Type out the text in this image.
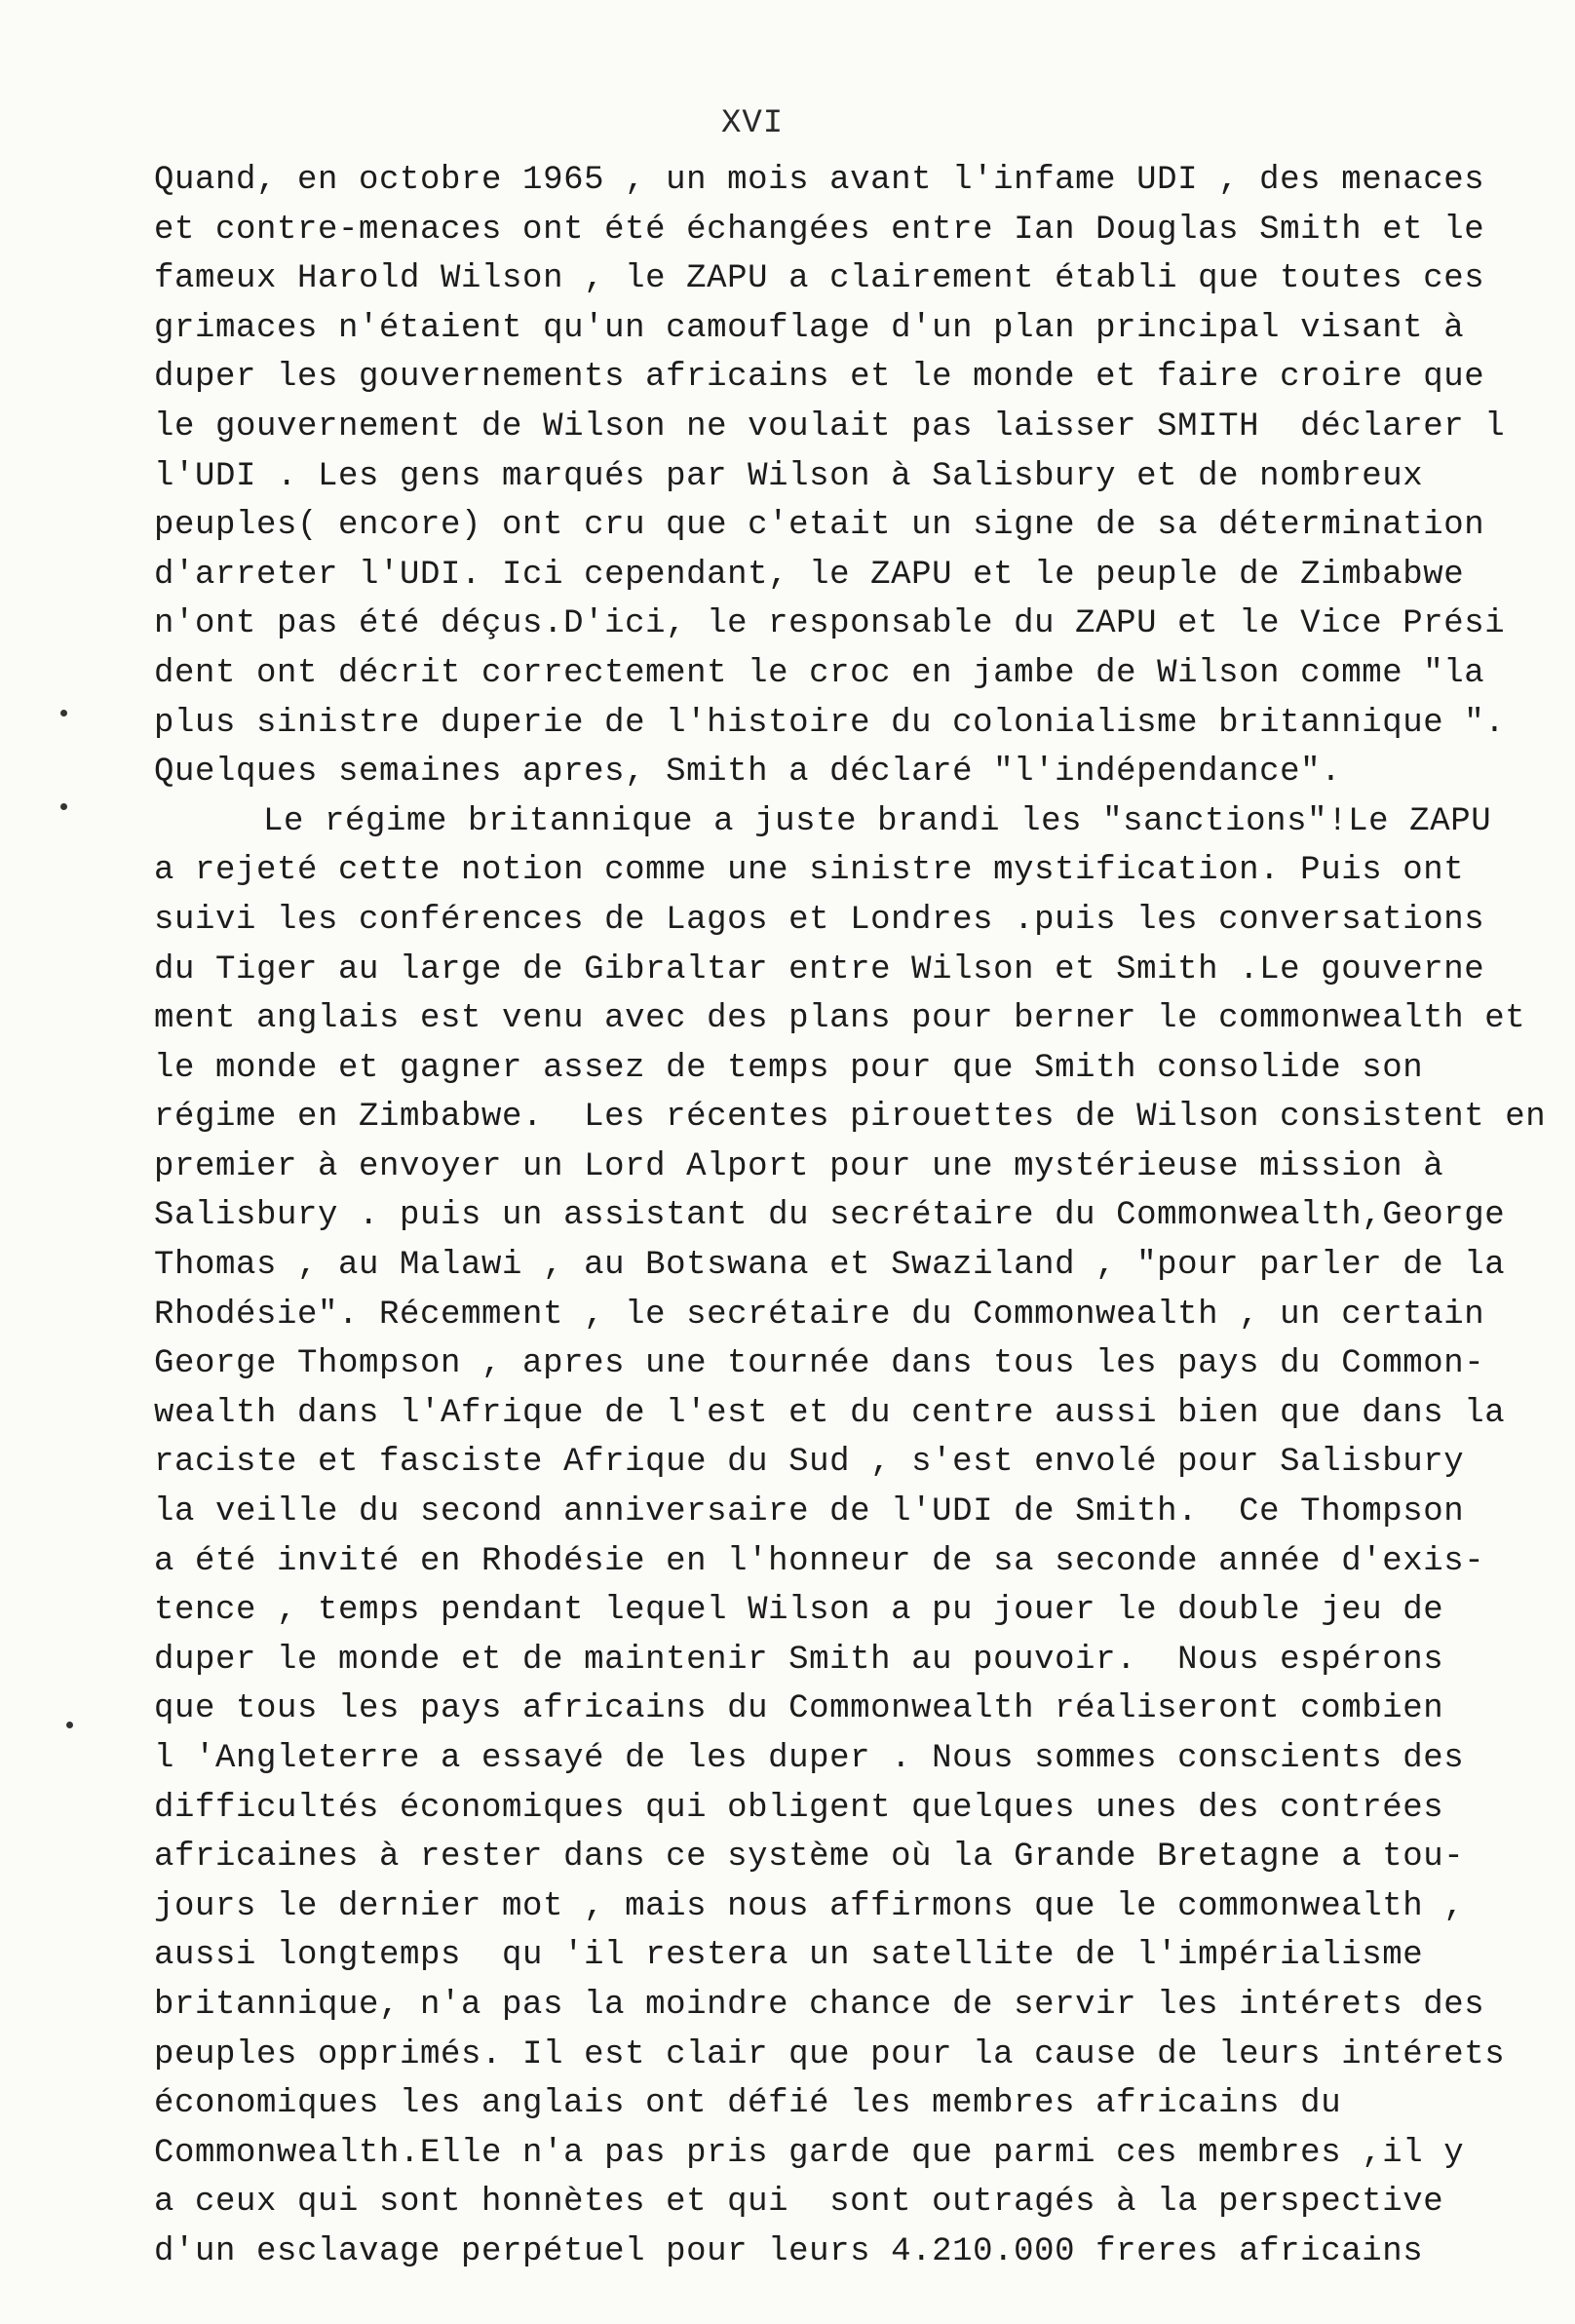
XVI
Quand, en octobre 1965 , un mois avant l'infame UDI , des menaces
et contre-menaces ont été échangées entre Ian Douglas Smith et le
fameux Harold Wilson , le ZAPU a clairement établi que toutes ces
grimaces n'étaient qu'un camouflage d'un plan principal visant à
duper les gouvernements africains et le monde et faire croire que
le gouvernement de Wilson ne voulait pas laisser SMITH  déclarer l
l'UDI . Les gens marqués par Wilson à Salisbury et de nombreux
peuples( encore) ont cru que c'etait un signe de sa détermination
d'arreter l'UDI. Ici cependant, le ZAPU et le peuple de Zimbabwe
n'ont pas été déçus.D'ici, le responsable du ZAPU et le Vice Prési
dent ont décrit correctement le croc en jambe de Wilson comme "la
plus sinistre duperie de l'histoire du colonialisme britannique ".
Quelques semaines apres, Smith a déclaré "l'indépendance".
Le régime britannique a juste brandi les "sanctions"!Le ZAPU
a rejeté cette notion comme une sinistre mystification. Puis ont
suivi les conférences de Lagos et Londres .puis les conversations
du Tiger au large de Gibraltar entre Wilson et Smith .Le gouverne
ment anglais est venu avec des plans pour berner le commonwealth et
le monde et gagner assez de temps pour que Smith consolide son
régime en Zimbabwe.  Les récentes pirouettes de Wilson consistent en
premier à envoyer un Lord Alport pour une mystérieuse mission à
Salisbury . puis un assistant du secrétaire du Commonwealth,George
Thomas , au Malawi , au Botswana et Swaziland , "pour parler de la
Rhodésie". Récemment , le secrétaire du Commonwealth , un certain
George Thompson , apres une tournée dans tous les pays du Common-
wealth dans l'Afrique de l'est et du centre aussi bien que dans la
raciste et fasciste Afrique du Sud , s'est envolé pour Salisbury
la veille du second anniversaire de l'UDI de Smith.  Ce Thompson
a été invité en Rhodésie en l'honneur de sa seconde année d'exis-
tence , temps pendant lequel Wilson a pu jouer le double jeu de
duper le monde et de maintenir Smith au pouvoir.  Nous espérons
que tous les pays africains du Commonwealth réaliseront combien
l 'Angleterre a essayé de les duper . Nous sommes conscients des
difficultés économiques qui obligent quelques unes des contrées
africaines à rester dans ce système où la Grande Bretagne a tou-
jours le dernier mot , mais nous affirmons que le commonwealth ,
aussi longtemps  qu 'il restera un satellite de l'impérialisme
britannique, n'a pas la moindre chance de servir les intérets des
peuples opprimés. Il est clair que pour la cause de leurs intérets
économiques les anglais ont défié les membres africains du
Commonwealth.Elle n'a pas pris garde que parmi ces membres ,il y
a ceux qui sont honnètes et qui  sont outragés à la perspective
d'un esclavage perpétuel pour leurs 4.210.000 freres africains
